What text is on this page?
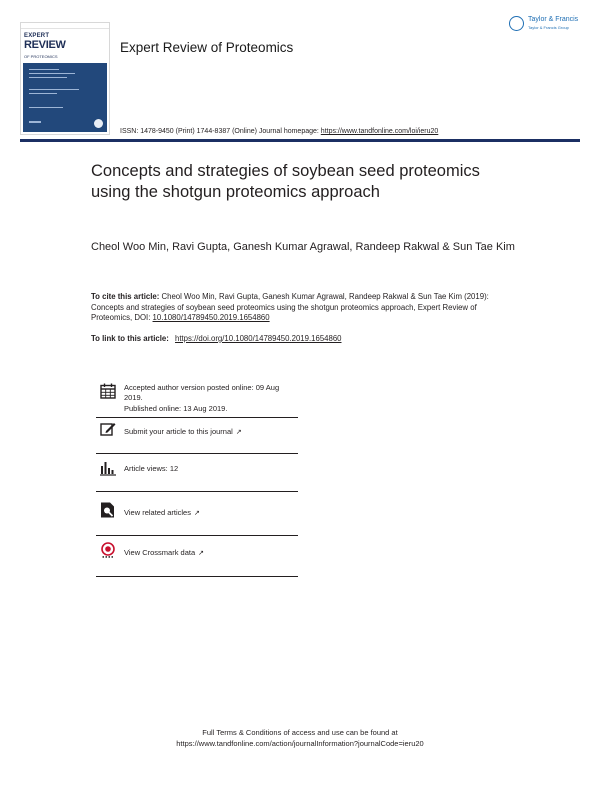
EXPERT
REVIEW
OF PROTEOMICS
Expert Review of Proteomics
Taylor & Francis
Taylor & Francis Group
ISSN: 1478-9450 (Print) 1744-8387 (Online) Journal homepage: https://www.tandfonline.com/loi/ieru20
Concepts and strategies of soybean seed proteomics using the shotgun proteomics approach
Cheol Woo Min, Ravi Gupta, Ganesh Kumar Agrawal, Randeep Rakwal & Sun Tae Kim
To cite this article: Cheol Woo Min, Ravi Gupta, Ganesh Kumar Agrawal, Randeep Rakwal & Sun Tae Kim (2019): Concepts and strategies of soybean seed proteomics using the shotgun proteomics approach, Expert Review of Proteomics, DOI: 10.1080/14789450.2019.1654860
To link to this article: https://doi.org/10.1080/14789450.2019.1654860
Accepted author version posted online: 09 Aug 2019.
Published online: 13 Aug 2019.
Submit your article to this journal ↗
Article views: 12
View related articles ↗
View Crossmark data ↗
Full Terms & Conditions of access and use can be found at
https://www.tandfonline.com/action/journalInformation?journalCode=ieru20
